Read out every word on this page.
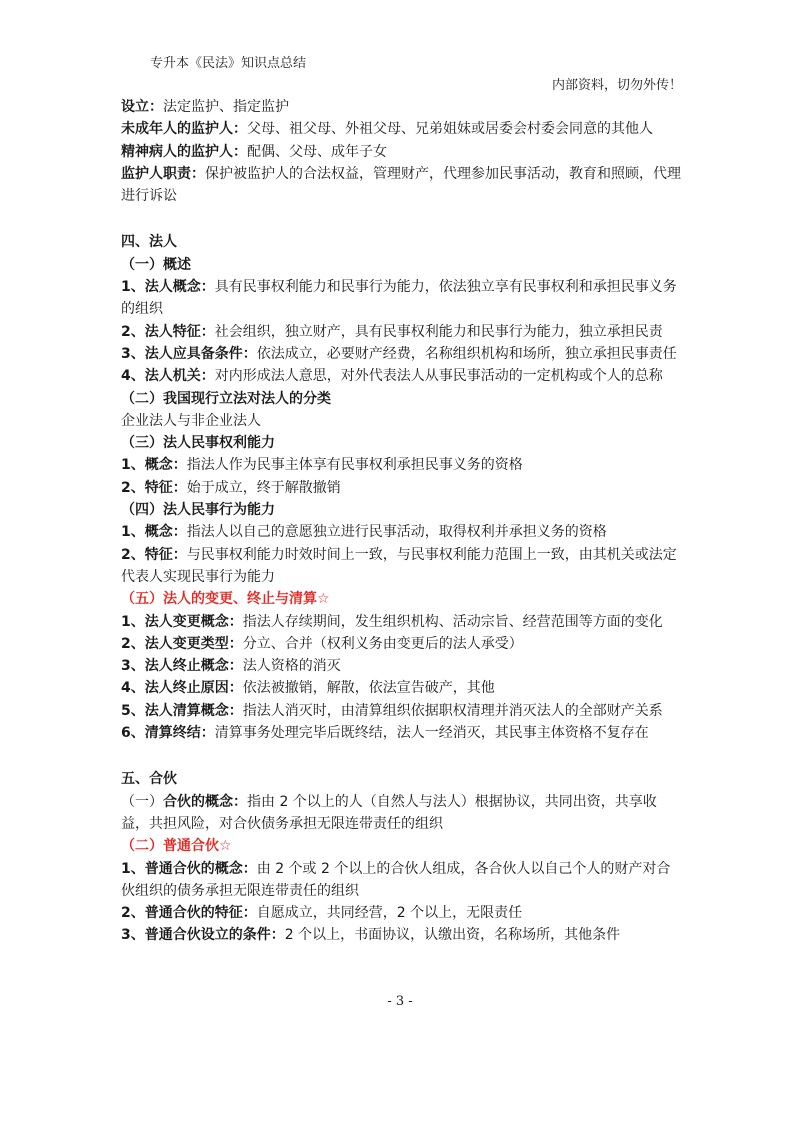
专升本《民法》知识点总结
内部资料，切勿外传！
设立：法定监护、指定监护
未成年人的监护人：父母、祖父母、外祖父母、兄弟姐妹或居委会村委会同意的其他人
精神病人的监护人：配偶、父母、成年子女
监护人职责：保护被监护人的合法权益，管理财产，代理参加民事活动，教育和照顾，代理进行诉讼
四、法人
（一）概述
1、法人概念：具有民事权利能力和民事行为能力，依法独立享有民事权利和承担民事义务的组织
2、法人特征：社会组织，独立财产，具有民事权利能力和民事行为能力，独立承担民责
3、法人应具备条件：依法成立，必要财产经费，名称组织机构和场所，独立承担民事责任
4、法人机关：对内形成法人意思，对外代表法人从事民事活动的一定机构或个人的总称
（二）我国现行立法对法人的分类
企业法人与非企业法人
（三）法人民事权利能力
1、概念：指法人作为民事主体享有民事权利承担民事义务的资格
2、特征：始于成立，终于解散撤销
（四）法人民事行为能力
1、概念：指法人以自己的意愿独立进行民事活动，取得权利并承担义务的资格
2、特征：与民事权利能力时效时间上一致，与民事权利能力范围上一致，由其机关或法定代表人实现民事行为能力
（五）法人的变更、终止与清算☆
1、法人变更概念：指法人存续期间，发生组织机构、活动宗旨、经营范围等方面的变化
2、法人变更类型：分立、合并（权利义务由变更后的法人承受）
3、法人终止概念：法人资格的消灭
4、法人终止原因：依法被撤销，解散，依法宣告破产，其他
5、法人清算概念：指法人消灭时，由清算组织依据职权清理并消灭法人的全部财产关系
6、清算终结：清算事务处理完毕后既终结，法人一经消灭，其民事主体资格不复存在
五、合伙
（一）合伙的概念：指由 2 个以上的人（自然人与法人）根据协议，共同出资，共享收益，共担风险，对合伙债务承担无限连带责任的组织
（二）普通合伙☆
1、普通合伙的概念：由 2 个或 2 个以上的合伙人组成，各合伙人以自己个人的财产对合伙组织的债务承担无限连带责任的组织
2、普通合伙的特征：自愿成立，共同经营，2 个以上，无限责任
3、普通合伙设立的条件：2 个以上，书面协议，认缴出资，名称场所，其他条件
- 3 -
